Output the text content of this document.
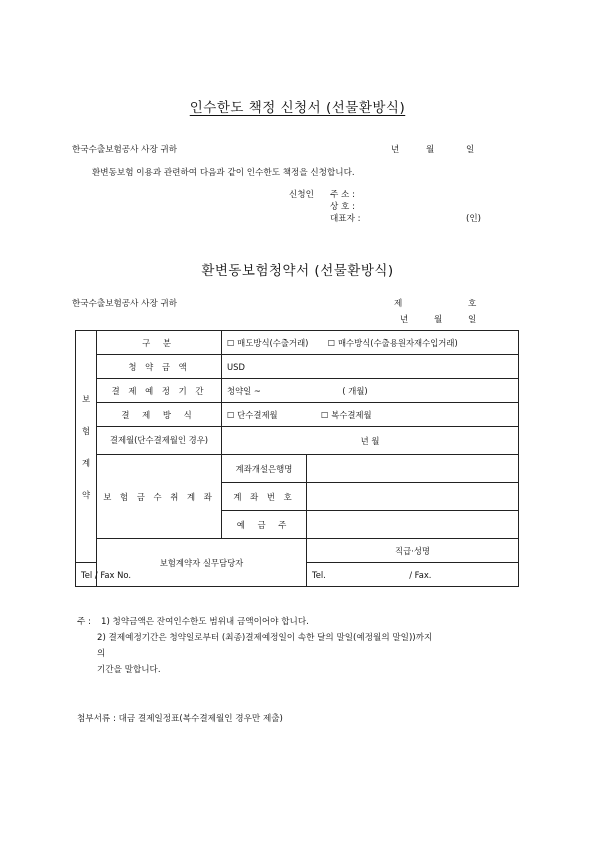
인수한도 책정 신청서 (선물환방식)
한국수출보험공사 사장 귀하	년	월	일
환변동보험 이용과 관련하여 다음과 같이 인수한도 책정을 신청합니다.
신청인 주 소 :
상 호 :
대표자 :	(인)
환변동보험청약서 (선물환방식)
한국수출보험공사 사장 귀하	제	호
년	월	일
보
험
계
약	구 분	☐ 매도방식(수출거래) ☐ 매수방식(수출용원자재수입거래)		
	청 약 금 액	USD		
	결 제 예 정 기 간	청약일 ~ ( 개월)		
	결 제 방 식	☐ 단수결제월 ☐ 복수결제월		
	결제월(단수결제월인 경우)	년 월		
	보 험 금 수 취 계 좌	계좌개설은행명		
		계 좌 번 호		
		예 금 주		
	보험계약자 실무담당자		직급·성명	
Tel / Fax No.			Tel. / Fax.	
주 : 1) 청약금액은 잔여인수한도 범위내 금액이어야 합니다.
2) 결제예정기간은 청약일로부터 (최종)결제예정일이 속한 달의 말일(예정월의 말일))까지
의
기간을 말합니다.
첨부서류 : 대금 결제일정표(복수결제월인 경우만 제출)
